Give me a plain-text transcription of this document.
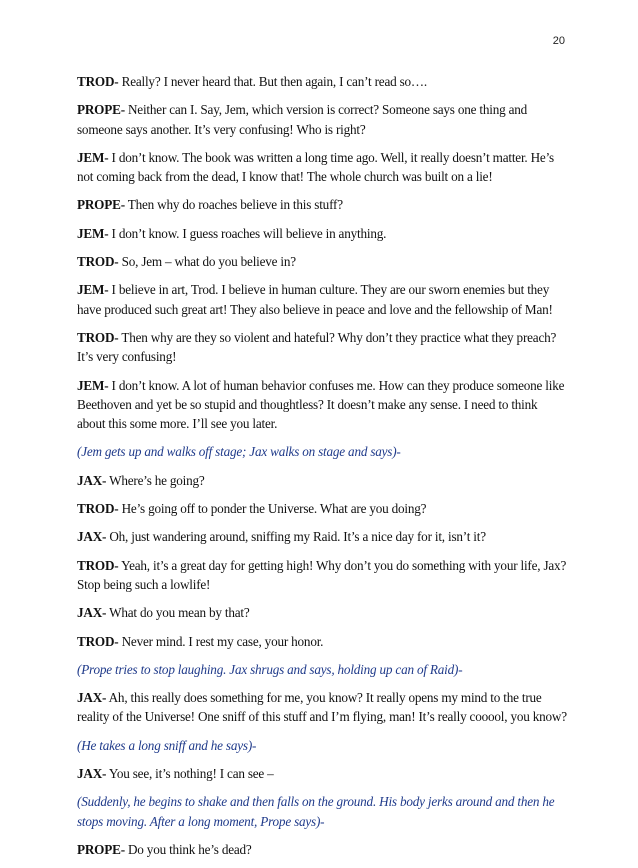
20

TROD- Really? I never heard that. But then again, I can’t read so….

PROPE- Neither can I. Say, Jem, which version is correct? Someone says one thing and someone says another. It’s very confusing! Who is right?

JEM- I don’t know. The book was written a long time ago. Well, it really doesn’t matter. He’s not coming back from the dead, I know that! The whole church was built on a lie!

PROPE- Then why do roaches believe in this stuff?

JEM- I don’t know. I guess roaches will believe in anything.

TROD- So, Jem – what do you believe in?

JEM- I believe in art, Trod. I believe in human culture. They are our sworn enemies but they have produced such great art! They also believe in peace and love and the fellowship of Man!

TROD- Then why are they so violent and hateful? Why don’t they practice what they preach? It’s very confusing!

JEM- I don’t know. A lot of human behavior confuses me. How can they produce someone like Beethoven and yet be so stupid and thoughtless? It doesn’t make any sense. I need to think about this some more. I’ll see you later.

(Jem gets up and walks off stage; Jax walks on stage and says)-

JAX- Where’s he going?

TROD- He’s going off to ponder the Universe. What are you doing?

JAX- Oh, just wandering around, sniffing my Raid. It’s a nice day for it, isn’t it?

TROD- Yeah, it’s a great day for getting high! Why don’t you do something with your life, Jax? Stop being such a lowlife!

JAX- What do you mean by that?

TROD- Never mind. I rest my case, your honor.

(Prope tries to stop laughing. Jax shrugs and says, holding up can of Raid)-

JAX- Ah, this really does something for me, you know? It really opens my mind to the true reality of the Universe! One sniff of this stuff and I’m flying, man! It’s really cooool, you know?

(He takes a long sniff and he says)-

JAX- You see, it’s nothing! I can see –

(Suddenly, he begins to shake and then falls on the ground. His body jerks around and then he stops moving. After a long moment, Prope says)-

PROPE- Do you think he’s dead?
